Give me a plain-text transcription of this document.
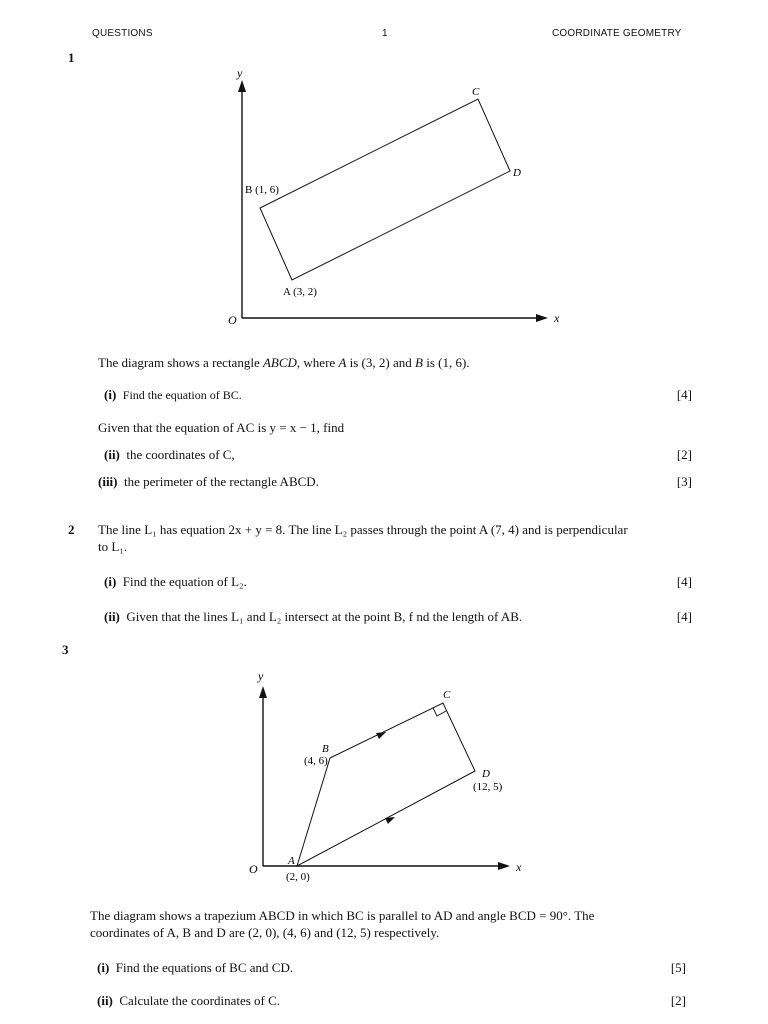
QUESTIONS	1	COORDINATE GEOMETRY
1
y
x
O
A (3, 2)
B (1, 6)
C
D
The diagram shows a rectangle ABCD, where A is (3, 2) and B is (1, 6).
(i) Find the equation of BC.	[4]
Given that the equation of AC is y = x − 1, find
(ii) the coordinates of C,	[2]
(iii) the perimeter of the rectangle ABCD.	[3]
2 The line L₁ has equation 2x + y = 8. The line L₂ passes through the point A (7, 4) and is perpendicular
to L₁.
(i) Find the equation of L₂.	[4]
(ii) Given that the lines L₁ and L₂ intersect at the point B, f nd the length of AB.	[4]
3
y
x
O
A
(2, 0)
B
(4, 6)
C
D
(12, 5)
The diagram shows a trapezium ABCD in which BC is parallel to AD and angle BCD = 90°. The
coordinates of A, B and D are (2, 0), (4, 6) and (12, 5) respectively.
(i) Find the equations of BC and CD.	[5]
(ii) Calculate the coordinates of C.	[2]
